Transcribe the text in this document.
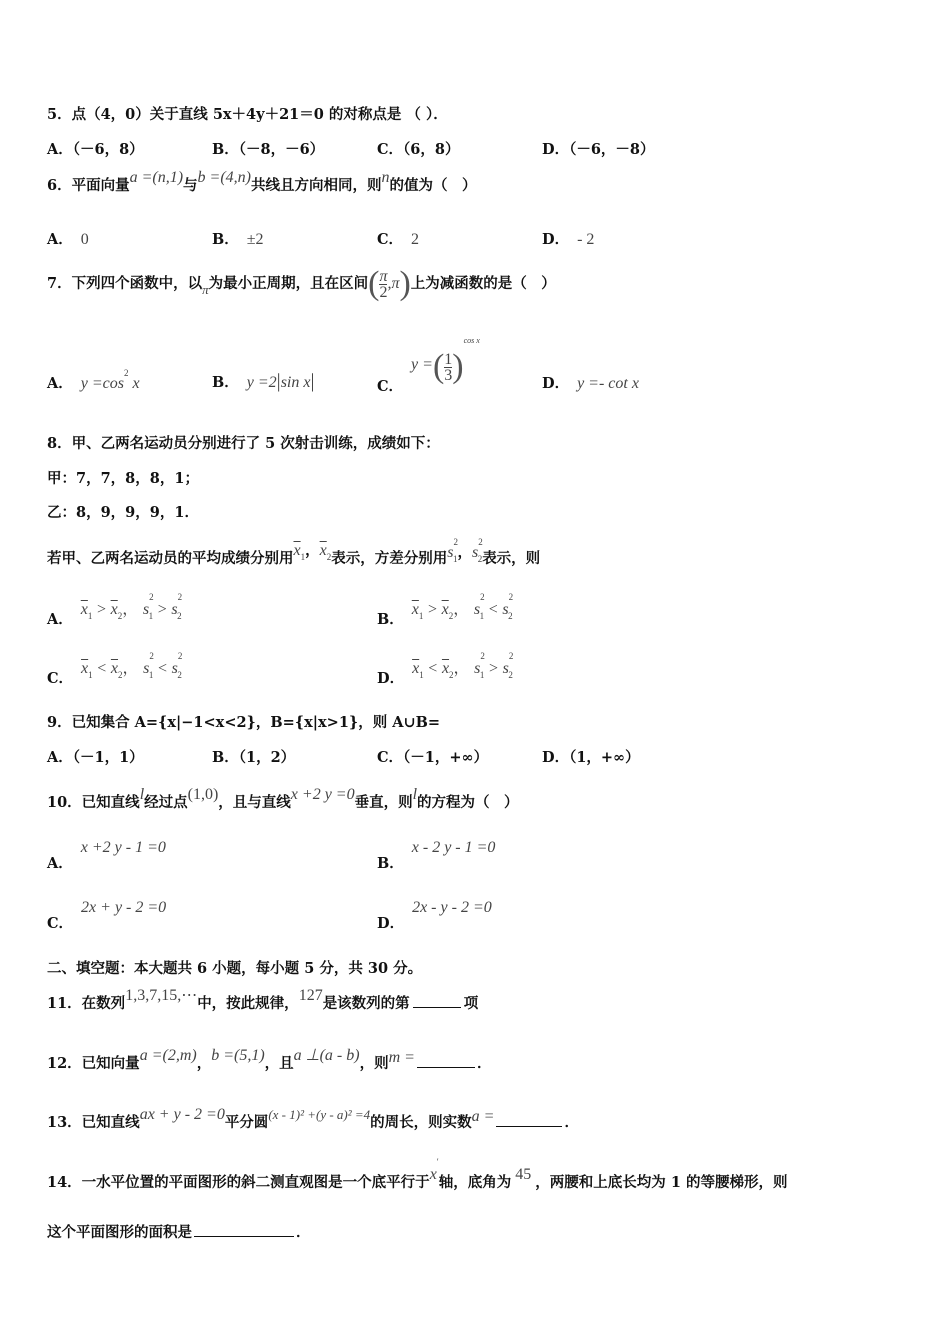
5．点（4，0）关于直线 5x＋4y＋21＝0 的对称点是 （ ）．
A．（－6，8）	B．（－8，－6）	C．（6，8）	D．（－6，－8）
6．平面向量a =(n,1)与b =(4,n)共线且方向相同，则n的值为（　）
A． 0	B． ±2	C． 2	D． - 2
7．下列四个函数中，以π为最小正周期，且在区间( $\frac{\pi}{2} ,\pi$)上为减函数的是（　）
A． $y =\cos^2$ x	B． y =2|sin x|	C．y =( $\frac{1}{3} )^{cos x}$
D． y =- cot x
8．甲、乙两名运动员分别进行了 5 次射击训练，成绩如下：
甲：7，7，8，8，1；
乙：8，9，9，9，1．
若甲、乙两名运动员的平均成绩分别用$\overline{x}1$，$\overline{x}2$表示，方差分别用$s^21$，$s^22$表示，则
A．$\overline{x}1 > \overline{x}2$， $s^21 > s^22$	B．$\overline{x}1 > \overline{x}2$， $s^21 < s^22$
C．$\overline{x}1 < \overline{x}2$， $s^21 < s^22$	D．$\overline{x}1 < \overline{x}2$， $s^21 > s^22$
9．已知集合 A={x|−1<x<2}，B={x|x>1}，则 A∪B=
A．（－1，1）	B．（1，2）	C．（－1，+∞）	D．（1，+∞）
10．已知直线l经过点(1,0)，且与直线x +2 y =0垂直，则l的方程为（　）
A．x +2 y - 1 =0
B．x - 2 y - 1 =0
C．2x + y - 2 =0
D．2x - y - 2 =0
二、填空题：本大题共 6 小题，每小题 5 分，共 30 分。
11．在数列1,3,7,15,⋯中，按此规律，127是该数列的第	项
12．已知向量a =(2,m)，b =(5,1)，且a ⊥(a - b)，则m =	．
13．已知直线ax + y - 2 =0平分圆(x - 1)² +(y - a)² =4的周长，则实数a =	．
14．一水平位置的平面图形的斜二测直观图是一个底平行于x′轴，底角为 45 ，两腰和上底长均为 1 的等腰梯形，则
这个平面图形的面积是	．
